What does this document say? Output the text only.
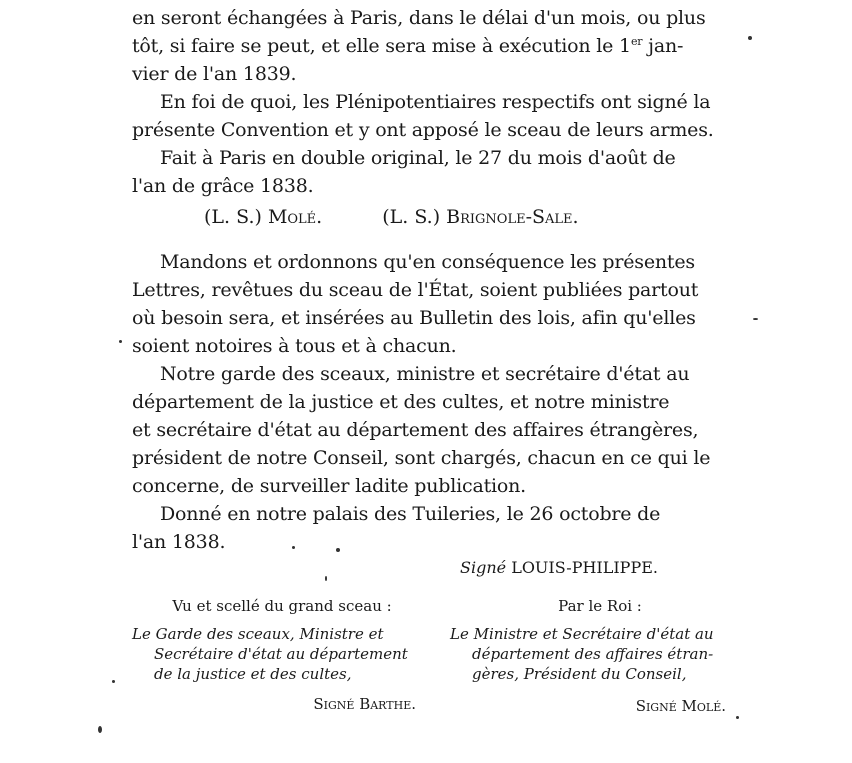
en seront échangées à Paris, dans le délai d'un mois, ou plus
tôt, si faire se peut, et elle sera mise à exécution le 1er jan-
vier de l'an 1839.
En foi de quoi, les Plénipotentiaires respectifs ont signé la
présente Convention et y ont apposé le sceau de leurs armes.
Fait à Paris en double original, le 27 du mois d'août de
l'an de grâce 1838.
(L. S.) Molé.	(L. S.) Brignole-Sale.
Mandons et ordonnons qu'en conséquence les présentes
Lettres, revêtues du sceau de l'État, soient publiées partout
où besoin sera, et insérées au Bulletin des lois, afin qu'elles
soient notoires à tous et à chacun.
Notre garde des sceaux, ministre et secrétaire d'état au
département de la justice et des cultes, et notre ministre
et secrétaire d'état au département des affaires étrangères,
président de notre Conseil, sont chargés, chacun en ce qui le
concerne, de surveiller ladite publication.
Donné en notre palais des Tuileries, le 26 octobre de
l'an 1838.
Signé LOUIS-PHILIPPE.
Vu et scellé du grand sceau :
Le Garde des sceaux, Ministre et
Secrétaire d'état au département
de la justice et des cultes,
Signé Barthe.
Par le Roi :
Le Ministre et Secrétaire d'état au
département des affaires étran-
gères, Président du Conseil,
Signé Molé.
